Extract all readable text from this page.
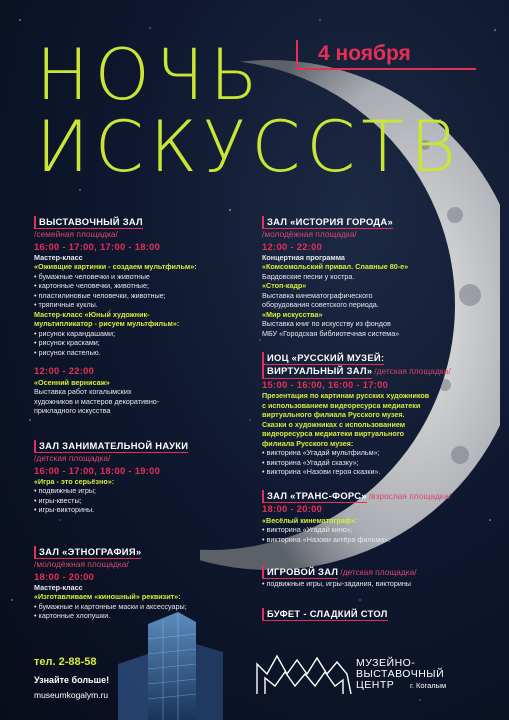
НОЧЬ
ИСКУССТВ
4 ноября
ВЫСТАВОЧНЫЙ ЗАЛ
/семейная площадка/
16:00 - 17:00, 17:00 - 18:00
Мастер-класс
«Оживщие картинки - создаем мультфильм»:
• бумажные человечки и животные
• картонные человечки, животные;
• пластилиновые человечки, животные;
• тряпичные куклы.
Мастер-класс «Юный художник-
мультипликатор - рисуем мультфильм»:
• рисунок карандашами;
• рисунок красками;
• рисунок пастелью.
12:00 - 22:00
«Осенний вернисаж»
Выставка работ когалымских
художников и мастеров декоративно-
прикладного искусства
ЗАЛ ЗАНИМАТЕЛЬНОЙ НАУКИ
/детская площадка/
16:00 - 17:00, 18:00 - 19:00
«Игра - это серьёзно»:
• подвижные игры;
• игры-квесты;
• игры-викторины.
ЗАЛ «ЭТНОГРАФИЯ»
/молодёжная площадка/
18:00 - 20:00
Мастер-класс
«Изготавливаем «киношный» реквизит»:
• бумажные и картонные маски и аксессуары;
• картонные хлопушки.
ЗАЛ «ИСТОРИЯ ГОРОДА»
/молодёжная площадка/
12:00 - 22:00
Концертная программа
«Комсомольский привал. Славные 80-е»
Бардовские песни у костра.
«Стоп-кадр»
Выставка кинематографического
оборудования советского периода.
«Мир искусства»
Выставка книг по искусству из фондов
МБУ «Городская библиотечная система»
ИОЦ «РУССКИЙ МУЗЕЙ:
ВИРТУАЛЬНЫЙ ЗАЛ» /детская площадка/
15:00 - 16:00, 16:00 - 17:00
Презентация по картинам русских художников
с использованием видеоресурса медиатеки
виртуального филиала Русского музея.
Сказки о художниках с использованием
видеоресурса медиатеки виртуального
филиала Русского музея:
• викторина «Угадай мультфильм»;
• викторина «Угадай сказку»;
• викторина «Назови героя сказки».
ЗАЛ «ТРАНС-ФОРС» /взрослая площадка/
18:00 - 20:00
«Весёлый кинематограф»:
• викторина «Угадай кино»;
• викторина «Назови актёра фильма».
ИГРОВОЙ ЗАЛ /детская площадка/
• подвижные игры, игры-задания, викторины
БУФЕТ - СЛАДКИЙ СТОЛ
тел. 2-88-58
Узнайте больше!
museumkogalym.ru
МУЗЕЙНО-
ВЫСТАВОЧНЫЙ
ЦЕНТР	г. Когалым
